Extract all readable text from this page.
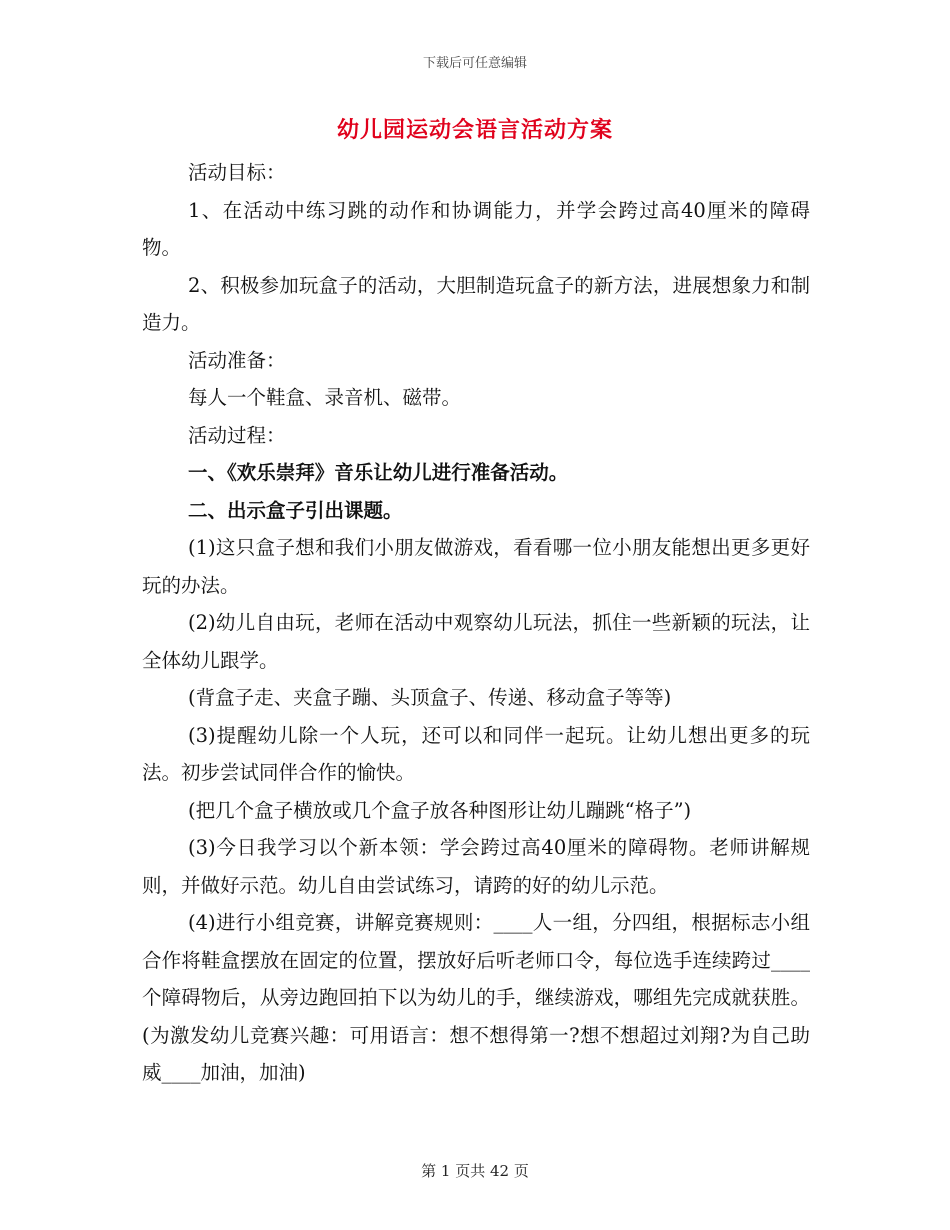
下载后可任意编辑
幼儿园运动会语言活动方案

活动目标：

1、在活动中练习跳的动作和协调能力，并学会跨过高40厘米的障碍物。

2、积极参加玩盒子的活动，大胆制造玩盒子的新方法，进展想象力和制造力。

活动准备：

每人一个鞋盒、录音机、磁带。

活动过程：

一、《欢乐崇拜》音乐让幼儿进行准备活动。

二、出示盒子引出课题。

(1)这只盒子想和我们小朋友做游戏，看看哪一位小朋友能想出更多更好玩的办法。

(2)幼儿自由玩，老师在活动中观察幼儿玩法，抓住一些新颖的玩法，让全体幼儿跟学。

(背盒子走、夹盒子蹦、头顶盒子、传递、移动盒子等等)

(3)提醒幼儿除一个人玩，还可以和同伴一起玩。让幼儿想出更多的玩法。初步尝试同伴合作的愉快。

(把几个盒子横放或几个盒子放各种图形让幼儿蹦跳“格子”)

(3)今日我学习以个新本领：学会跨过高40厘米的障碍物。老师讲解规则，并做好示范。幼儿自由尝试练习，请跨的好的幼儿示范。

(4)进行小组竞赛，讲解竞赛规则：____人一组，分四组，根据标志小组合作将鞋盒摆放在固定的位置，摆放好后听老师口令，每位选手连续跨过____个障碍物后，从旁边跑回拍下以为幼儿的手，继续游戏，哪组先完成就获胜。(为激发幼儿竞赛兴趣：可用语言：想不想得第一?想不想超过刘翔?为自己助威____加油，加油)

第 1 页共 42 页
